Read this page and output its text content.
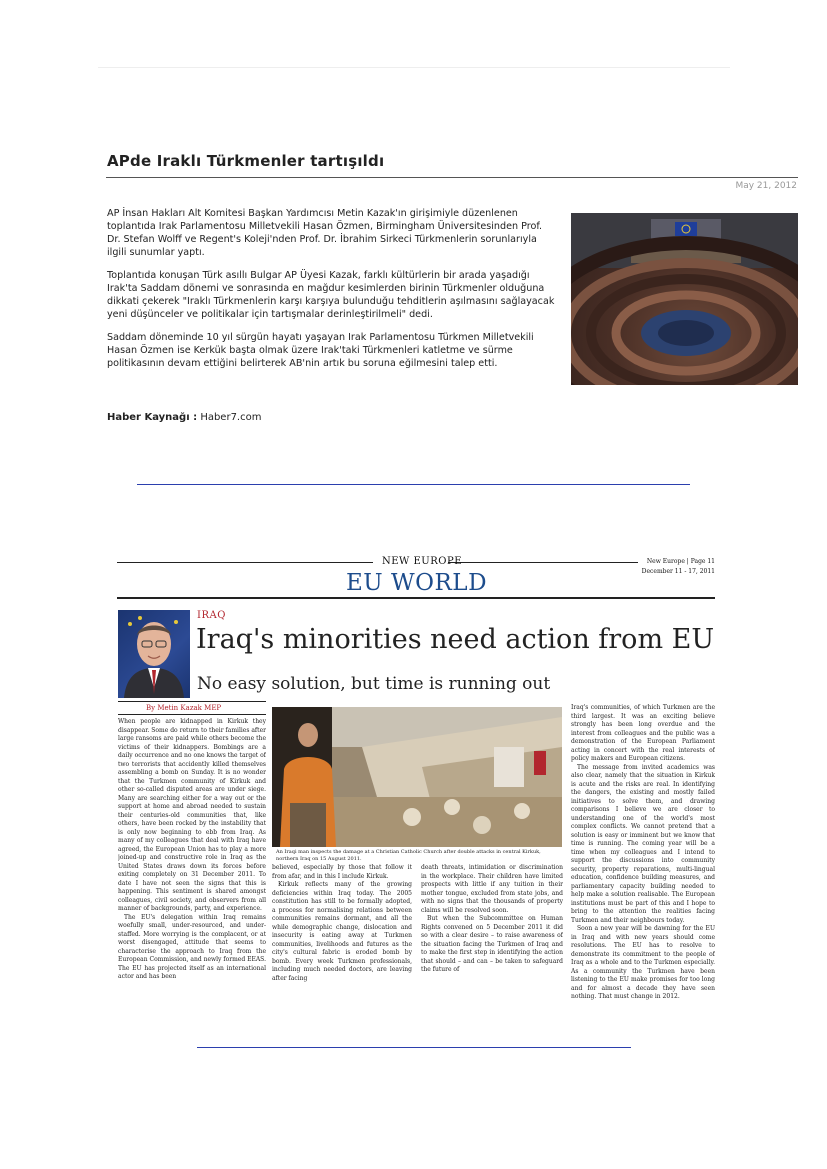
APde Iraklı Türkmenler tartışıldı
May 21, 2012

AP İnsan Hakları Alt Komitesi Başkan Yardımcısı Metin Kazak'ın girişimiyle düzenlenen toplantıda Irak Parlamentosu Milletvekili Hasan Özmen, Birmingham Üniversitesinden Prof. Dr. Stefan Wolff ve Regent's Koleji'nden Prof. Dr. İbrahim Sirkeci Türkmenlerin sorunlarıyla ilgili sunumlar yaptı.

Toplantıda konuşan Türk asıllı Bulgar AP Üyesi Kazak, farklı kültürlerin bir arada yaşadığı Irak'ta Saddam dönemi ve sonrasında en mağdur kesimlerden birinin Türkmenler olduğuna dikkati çekerek "Iraklı Türkmenlerin karşı karşıya bulunduğu tehditlerin aşılmasını sağlayacak yeni düşünceler ve politikalar için tartışmalar derinleştirilmeli" dedi.

Saddam döneminde 10 yıl sürgün hayatı yaşayan Irak Parlamentosu Türkmen Milletvekili Hasan Özmen ise Kerkük başta olmak üzere Irak'taki Türkmenleri katletme ve sürme politikasının devam ettiğini belirterek AB'nin artık bu soruna eğilmesini talep etti.

Haber Kaynağı : Haber7.com
NEW EUROPE
EU WORLD
New Europe | Page 11
December 11 - 17, 2011
IRAQ
Iraq's minorities need action from EU
No easy solution, but time is running out
By Metin Kazak MEP

When people are kidnapped in Kirkuk they disappear. Some do return to their families after large ransoms are paid while others become the victims of their kidnappers. Bombings are a daily occurrence and no one knows the target of two terrorists that accidently killed themselves assembling a bomb on Sunday. It is no wonder that the Turkmen community of Kirkuk and other so-called disputed areas are under siege. Many are searching either for a way out or the support at home and abroad needed to sustain their centuries-old communities that, like others, have been rocked by the instability that is only now beginning to ebb from Iraq. As many of my colleagues that deal with Iraq have agreed, the European Union has to play a more joined-up and constructive role in Iraq as the United States draws down its forces before exiting completely on 31 December 2011. To date I have not seen the signs that this is happening. This sentiment is shared amongst colleagues, civil society, and observers from all manner of backgrounds, party, and experience.

The EU's delegation within Iraq remains woefully small, under-resourced, and under-staffed. More worrying is the complacent, or at worst disengaged, attitude that seems to characterise the approach to Iraq from the European Commission, and newly formed EEAS. The EU has projected itself as an international actor and has been

An Iraqi man inspects the damage at a Christian Catholic Church after double attacks in central Kirkuk, northern Iraq on 15 August 2011.

believed, especially by those that follow it from afar, and in this I include Kirkuk.

Kirkuk reflects many of the growing deficiencies within Iraq today. The 2005 constitution has still to be formally adopted, a process for normalising relations between communities remains dormant, and all the while demographic change, dislocation and insecurity is eating away at Turkmen communities, livelihoods and futures as the city's cultural fabric is eroded bomb by bomb. Every week Turkmen professionals, including much needed doctors, are leaving after facing

death threats, intimidation or discrimination in the workplace. Their children have limited prospects with little if any tuition in their mother tongue, excluded from state jobs, and with no signs that the thousands of property claims will be resolved soon.

But when the Subcommittee on Human Rights convened on 5 December 2011 it did so with a clear desire – to raise awareness of the situation facing the Turkmen of Iraq and to make the first step in identifying the action that should – and can – be taken to safeguard the future of

Iraq's communities, of which Turkmen are the third largest. It was an exciting believe strongly has been long overdue and the interest from colleagues and the public was a demonstration of the European Parliament acting in concert with the real interests of policy makers and European citizens.

The message from invited academics was also clear, namely that the situation in Kirkuk is acute and the risks are real. In identifying the dangers, the existing and mostly failed initiatives to solve them, and drawing comparisons I believe we are closer to understanding one of the world's most complex conflicts. We cannot pretend that a solution is easy or imminent but we know that time is running. The coming year will be a time when my colleagues and I intend to support the discussions into community security, property reparations, multi-lingual education, confidence building measures, and parliamentary capacity building needed to help make a solution realisable. The European institutions must be part of this and I hope to bring to the attention the realities facing Turkmen and their neighbours today.

Soon a new year will be dawning for the EU in Iraq and with new years should come resolutions. The EU has to resolve to demonstrate its commitment to the people of Iraq as a whole and to the Turkmen especially. As a community the Turkmen have been listening to the EU make promises for too long and for almost a decade they have seen nothing. That must change in 2012.
